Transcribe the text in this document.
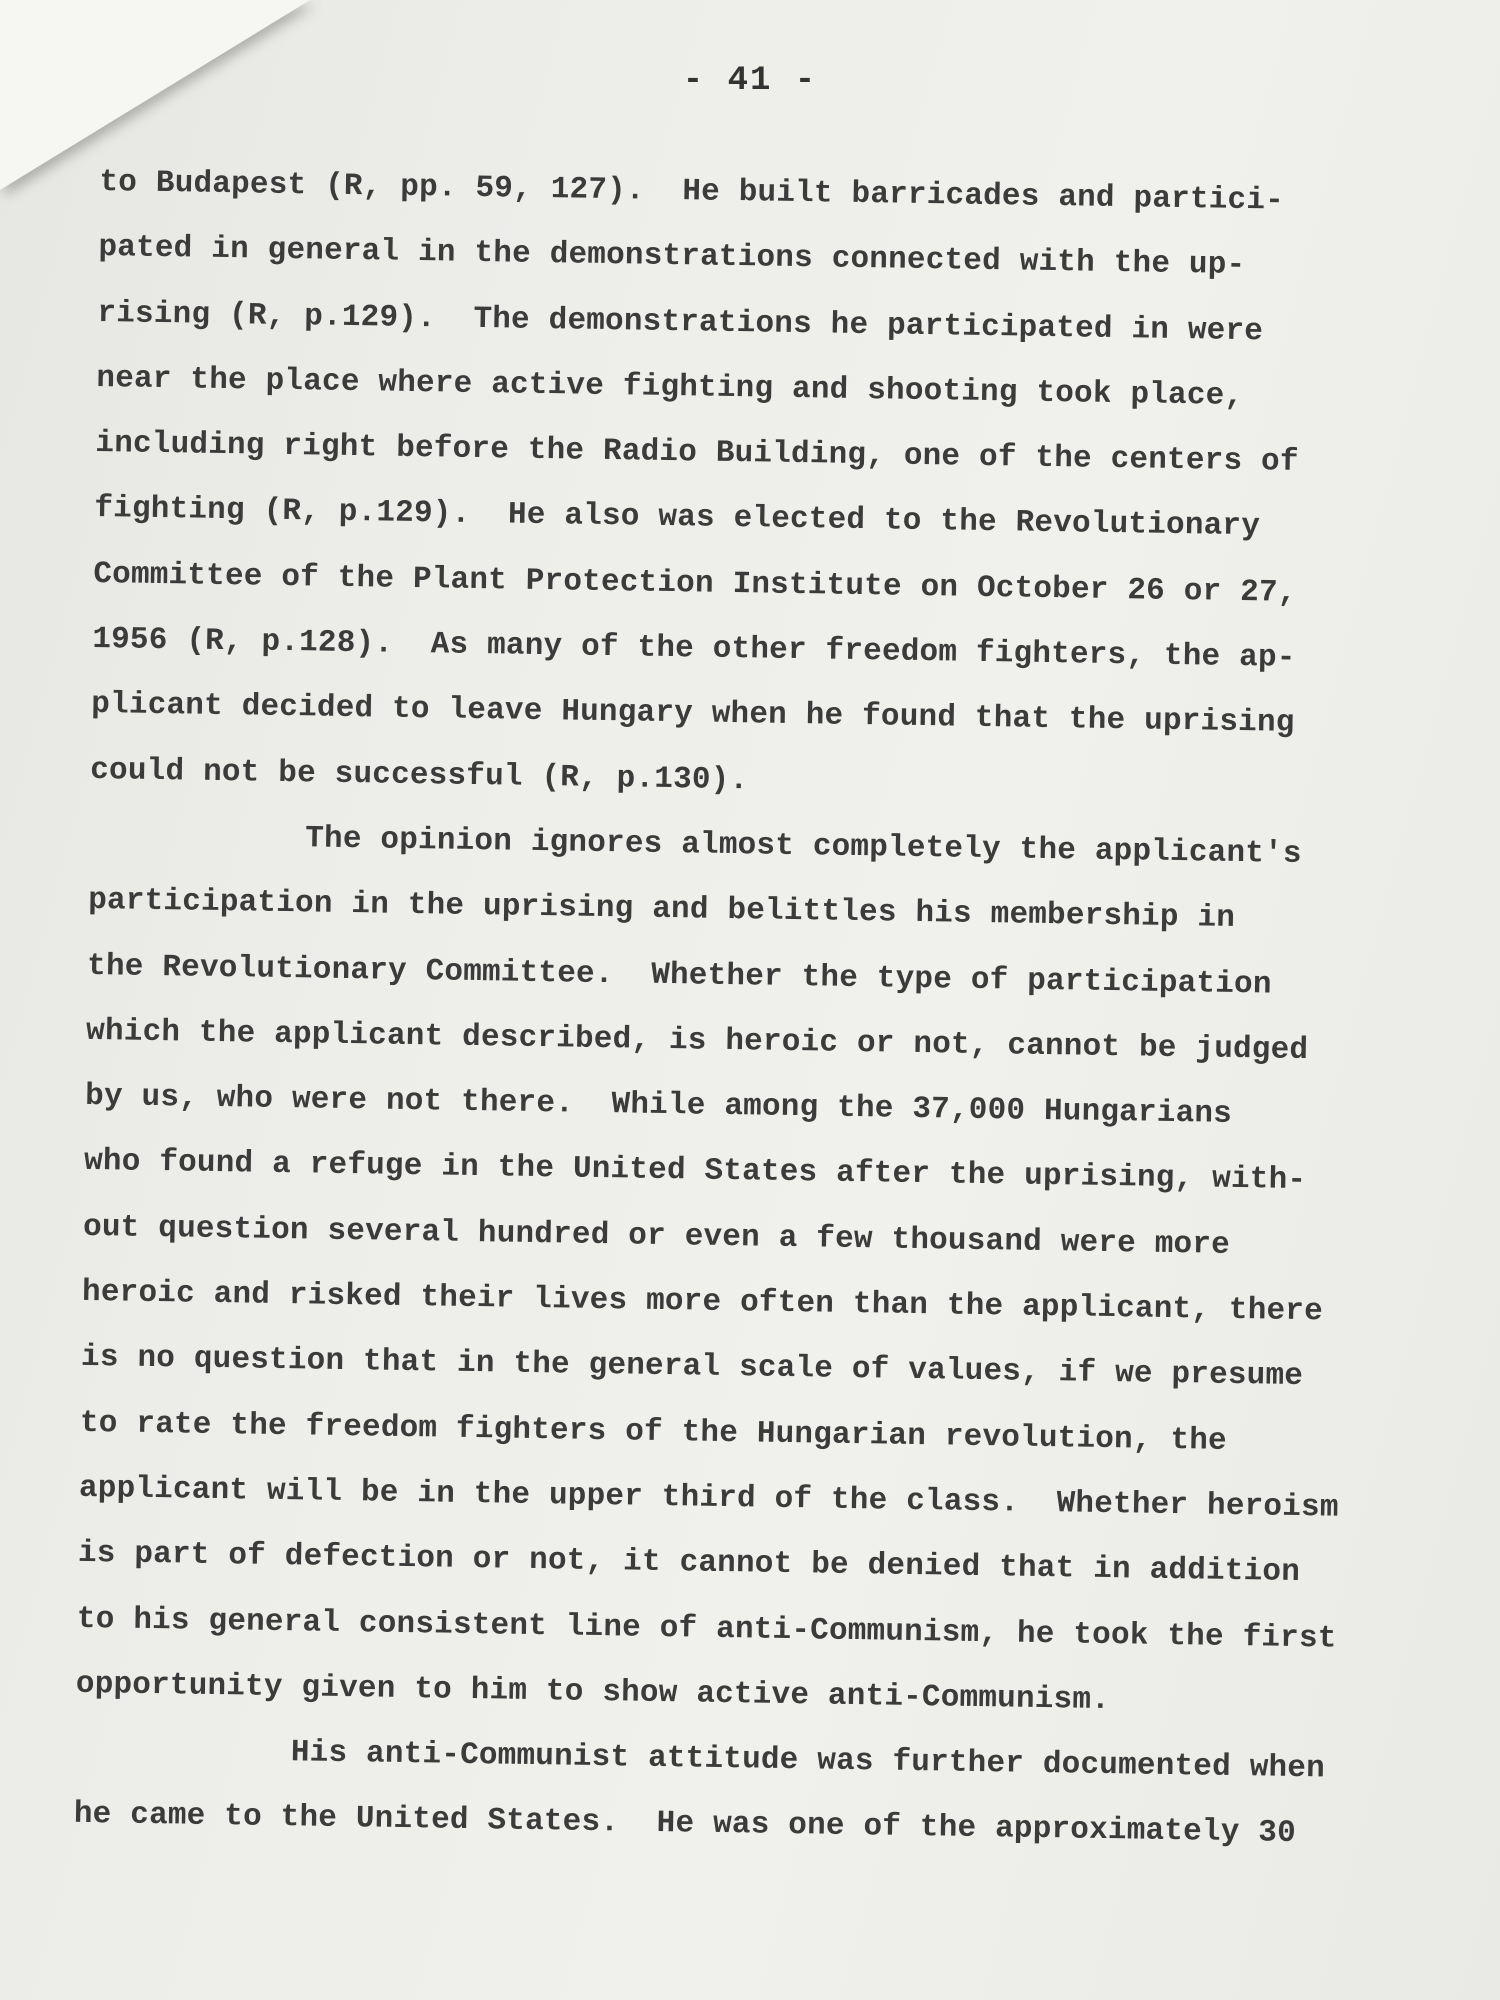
- 41 -
to Budapest (R, pp. 59, 127).  He built barricades and partici-
pated in general in the demonstrations connected with the up-
rising (R, p.129).  The demonstrations he participated in were
near the place where active fighting and shooting took place,
including right before the Radio Building, one of the centers of
fighting (R, p.129).  He also was elected to the Revolutionary
Committee of the Plant Protection Institute on October 26 or 27,
1956 (R, p.128).  As many of the other freedom fighters, the ap-
plicant decided to leave Hungary when he found that the uprising
could not be successful (R, p.130).
The opinion ignores almost completely the applicant's
participation in the uprising and belittles his membership in
the Revolutionary Committee.  Whether the type of participation
which the applicant described, is heroic or not, cannot be judged
by us, who were not there.  While among the 37,000 Hungarians
who found a refuge in the United States after the uprising, with-
out question several hundred or even a few thousand were more
heroic and risked their lives more often than the applicant, there
is no question that in the general scale of values, if we presume
to rate the freedom fighters of the Hungarian revolution, the
applicant will be in the upper third of the class.  Whether heroism
is part of defection or not, it cannot be denied that in addition
to his general consistent line of anti-Communism, he took the first
opportunity given to him to show active anti-Communism.
His anti-Communist attitude was further documented when
he came to the United States.  He was one of the approximately 30
